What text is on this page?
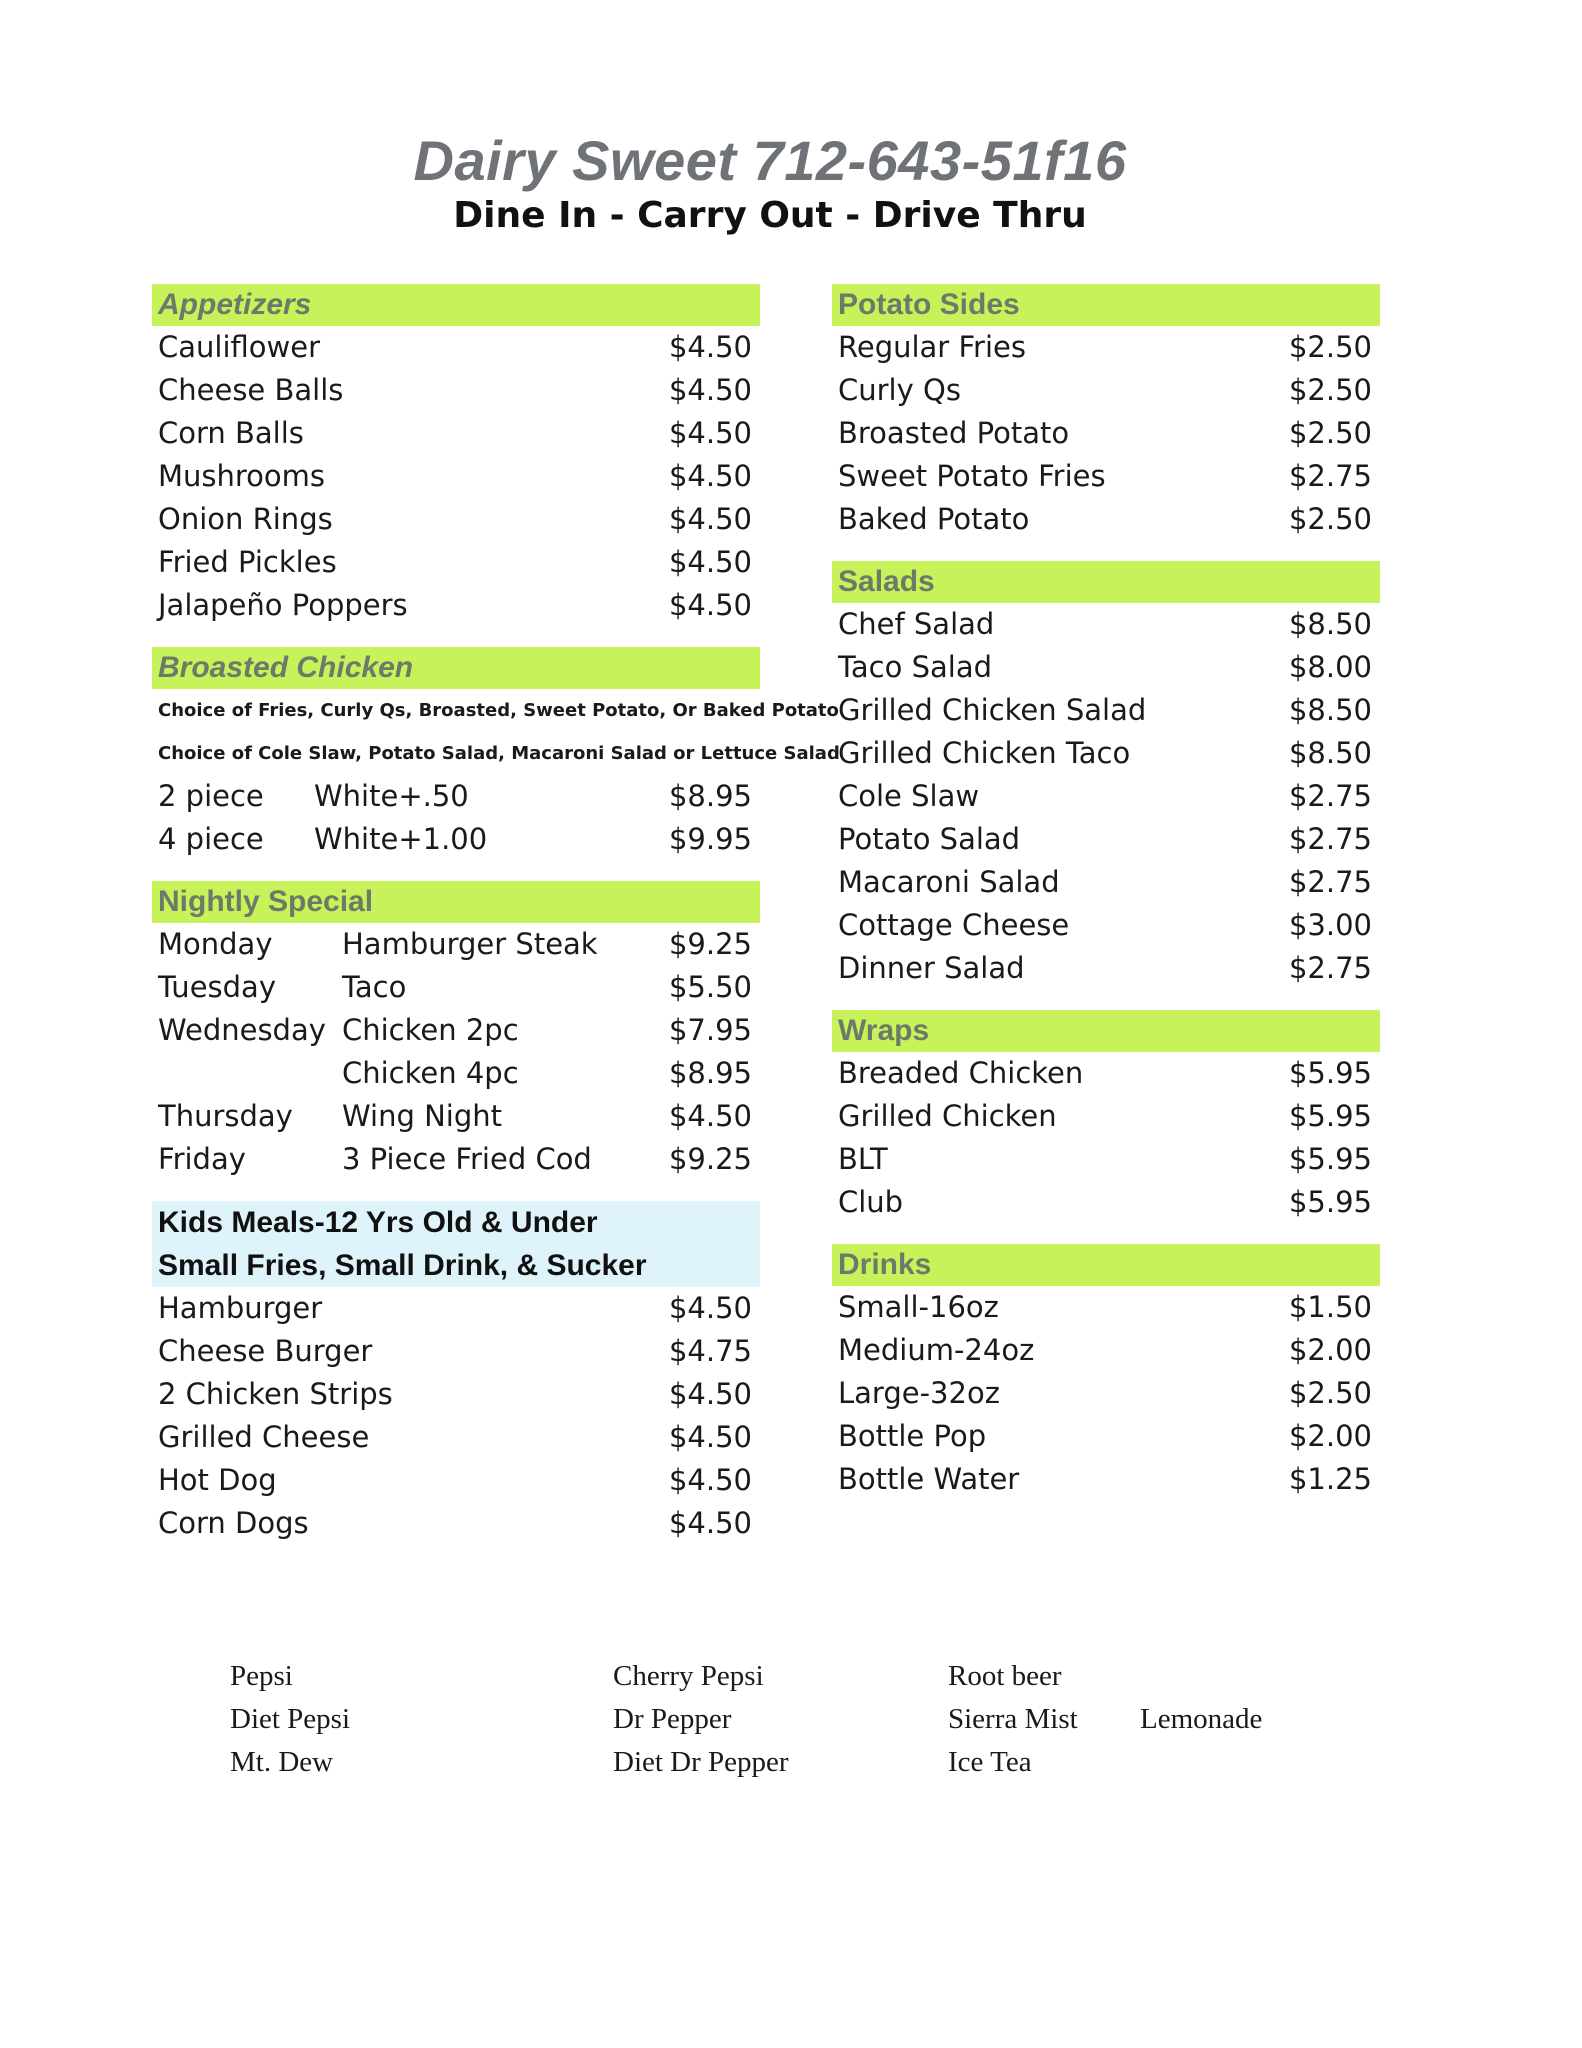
Dairy Sweet 712-643-51f16
Dine In - Carry Out - Drive Thru
Appetizers
Cauliflower	$4.50
Cheese Balls	$4.50
Corn Balls	$4.50
Mushrooms	$4.50
Onion Rings	$4.50
Fried Pickles	$4.50
Jalapeño Poppers	$4.50
Broasted Chicken
Choice of Fries, Curly Qs, Broasted, Sweet Potato, Or Baked Potato
Choice of Cole Slaw, Potato Salad, Macaroni Salad or Lettuce Salad
2 piece	White+.50	$8.95
4 piece	White+1.00	$9.95
Nightly Special
Monday	Hamburger Steak	$9.25
Tuesday	Taco	$5.50
Wednesday Chicken 2pc	$7.95
Chicken 4pc	$8.95
Thursday	Wing Night	$4.50
Friday	3 Piece Fried Cod	$9.25
Kids Meals-12 Yrs Old & Under
Small Fries, Small Drink, & Sucker
Hamburger	$4.50
Cheese Burger	$4.75
2 Chicken Strips	$4.50
Grilled Cheese	$4.50
Hot Dog	$4.50
Corn Dogs	$4.50
Potato Sides
Regular Fries	$2.50
Curly Qs	$2.50
Broasted Potato	$2.50
Sweet Potato Fries	$2.75
Baked Potato	$2.50
Salads
Chef Salad	$8.50
Taco Salad	$8.00
Grilled Chicken Salad	$8.50
Grilled Chicken Taco	$8.50
Cole Slaw	$2.75
Potato Salad	$2.75
Macaroni Salad	$2.75
Cottage Cheese	$3.00
Dinner Salad	$2.75
Wraps
Breaded Chicken	$5.95
Grilled Chicken	$5.95
BLT	$5.95
Club	$5.95
Drinks
Small-16oz	$1.50
Medium-24oz	$2.00
Large-32oz	$2.50
Bottle Pop	$2.00
Bottle Water	$1.25
Pepsi
Diet Pepsi
Mt. Dew
Cherry Pepsi
Dr Pepper
Diet Dr Pepper
Root beer
Sierra Mist
Ice Tea
Lemonade
